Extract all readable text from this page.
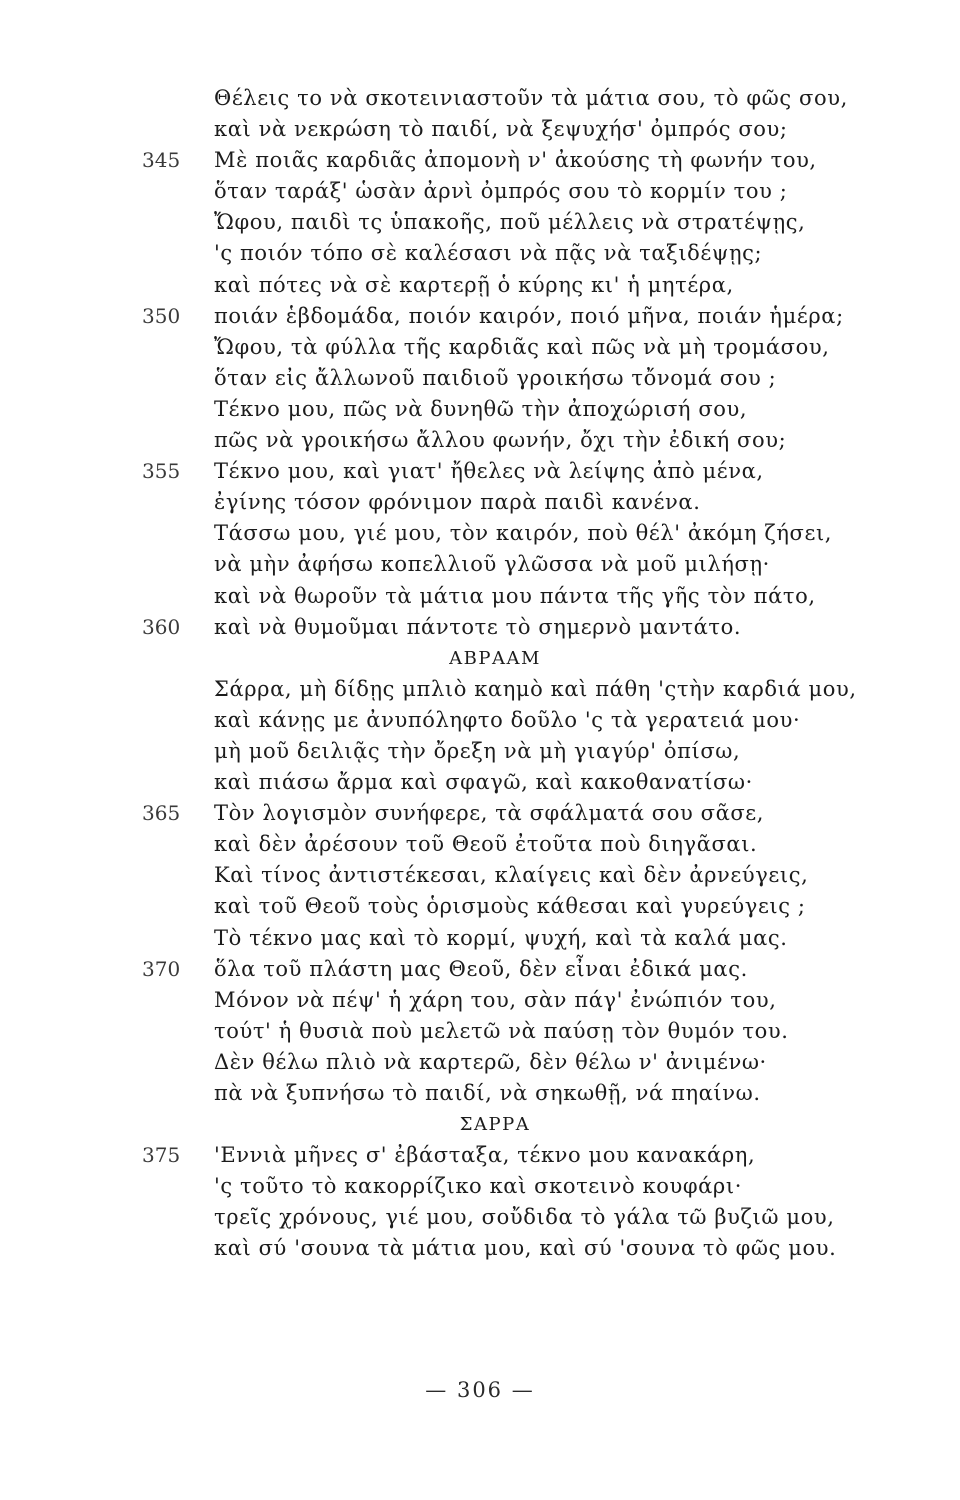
Θέλεις το νὰ σκοτεινιαστοῦν τὰ μάτια σου, τὸ φῶς σου,
καὶ νὰ νεκρώση τὸ παιδί, νὰ ξεψυχήσ' ὀμπρός σου;
345	Μὲ ποιᾶς καρδιᾶς ἀπομονὴ ν' ἀκούσης τὴ φωνήν του,
ὅταν ταράξ' ὡσὰν ἀρνὶ ὀμπρός σου τὸ κορμίν του ;
Ὤφου, παιδὶ τς ὑπακοῆς, ποῦ μέλλεις νὰ στρατέψῃς,
'ς ποιόν τόπο σὲ καλέσασι νὰ πᾷς νὰ ταξιδέψῃς;
καὶ πότες νὰ σὲ καρτερῇ ὁ κύρης κι' ἡ μητέρα,
350	ποιάν ἑβδομάδα, ποιόν καιρόν, ποιό μῆνα, ποιάν ἡμέρα;
Ὤφου, τὰ φύλλα τῆς καρδιᾶς καὶ πῶς νὰ μὴ τρομάσου,
ὅταν εἰς ἄλλωνοῦ παιδιοῦ γροικήσω τὄνομά σου ;
Τέκνο μου, πῶς νὰ δυνηθῶ τὴν ἀποχώρισή σου,
πῶς νὰ γροικήσω ἄλλου φωνήν, ὄχι τὴν ἐδική σου;
355	Τέκνο μου, καὶ γιατ' ἤθελες νὰ λείψης ἀπὸ μένα,
ἐγίνης τόσον φρόνιμον παρὰ παιδὶ κανένα.
Τάσσω μου, γιέ μου, τὸν καιρόν, ποὺ θέλ' ἀκόμη ζήσει,
νὰ μὴν ἀφήσω κοπελλιοῦ γλῶσσα νὰ μοῦ μιλήσῃ·
καὶ νὰ θωροῦν τὰ μάτια μου πάντα τῆς γῆς τὸν πάτο,
360	καὶ νὰ θυμοῦμαι πάντοτε τὸ σημερνὸ μαντάτο.
ΑΒΡΑΑΜ
Σάρρα, μὴ δίδῃς μπλιὸ καημὸ καὶ πάθη 'ςτὴν καρδιά μου,
καὶ κάνῃς με ἀνυπόληφτο δοῦλο 'ς τὰ γερατειά μου·
μὴ μοῦ δειλιᾷς τὴν ὄρεξη νὰ μὴ γιαγύρ' ὀπίσω,
καὶ πιάσω ἄρμα καὶ σφαγῶ, καὶ κακοθανατίσω·
365	Τὸν λογισμὸν συνήφερε, τὰ σφάλματά σου σᾶσε,
καὶ δὲν ἀρέσουν τοῦ Θεοῦ ἐτοῦτα ποὺ διηγᾶσαι.
Καὶ τίνος ἀντιστέκεσαι, κλαίγεις καὶ δὲν ἀρνεύγεις,
καὶ τοῦ Θεοῦ τοὺς ὁρισμοὺς κάθεσαι καὶ γυρεύγεις ;
Τὸ τέκνο μας καὶ τὸ κορμί, ψυχή, καὶ τὰ καλά μας.
370	ὅλα τοῦ πλάστη μας Θεοῦ, δὲν εἶναι ἐδικά μας.
Μόνον νὰ πέψ' ἡ χάρη του, σὰν πάγ' ἐνώπιόν του,
τούτ' ἡ θυσιὰ ποὺ μελετῶ νὰ παύσῃ τὸν θυμόν του.
Δὲν θέλω πλιὸ νὰ καρτερῶ, δὲν θέλω ν' ἀνιμένω·
πὰ νὰ ξυπνήσω τὸ παιδί, νὰ σηκωθῇ, νά πηαίνω.
ΣΑΡΡΑ
375	'Εννιὰ μῆνες σ' ἐβάσταξα, τέκνο μου κανακάρη,
'ς τοῦτο τὸ κακορρίζικο καὶ σκοτεινὸ κουφάρι·
τρεῖς χρόνους, γιέ μου, σοὔδιδα τὸ γάλα τῶ βυζιῶ μου,
καὶ σύ 'σουνα τὰ μάτια μου, καὶ σύ 'σουνα τὸ φῶς μου.
— 306 —
